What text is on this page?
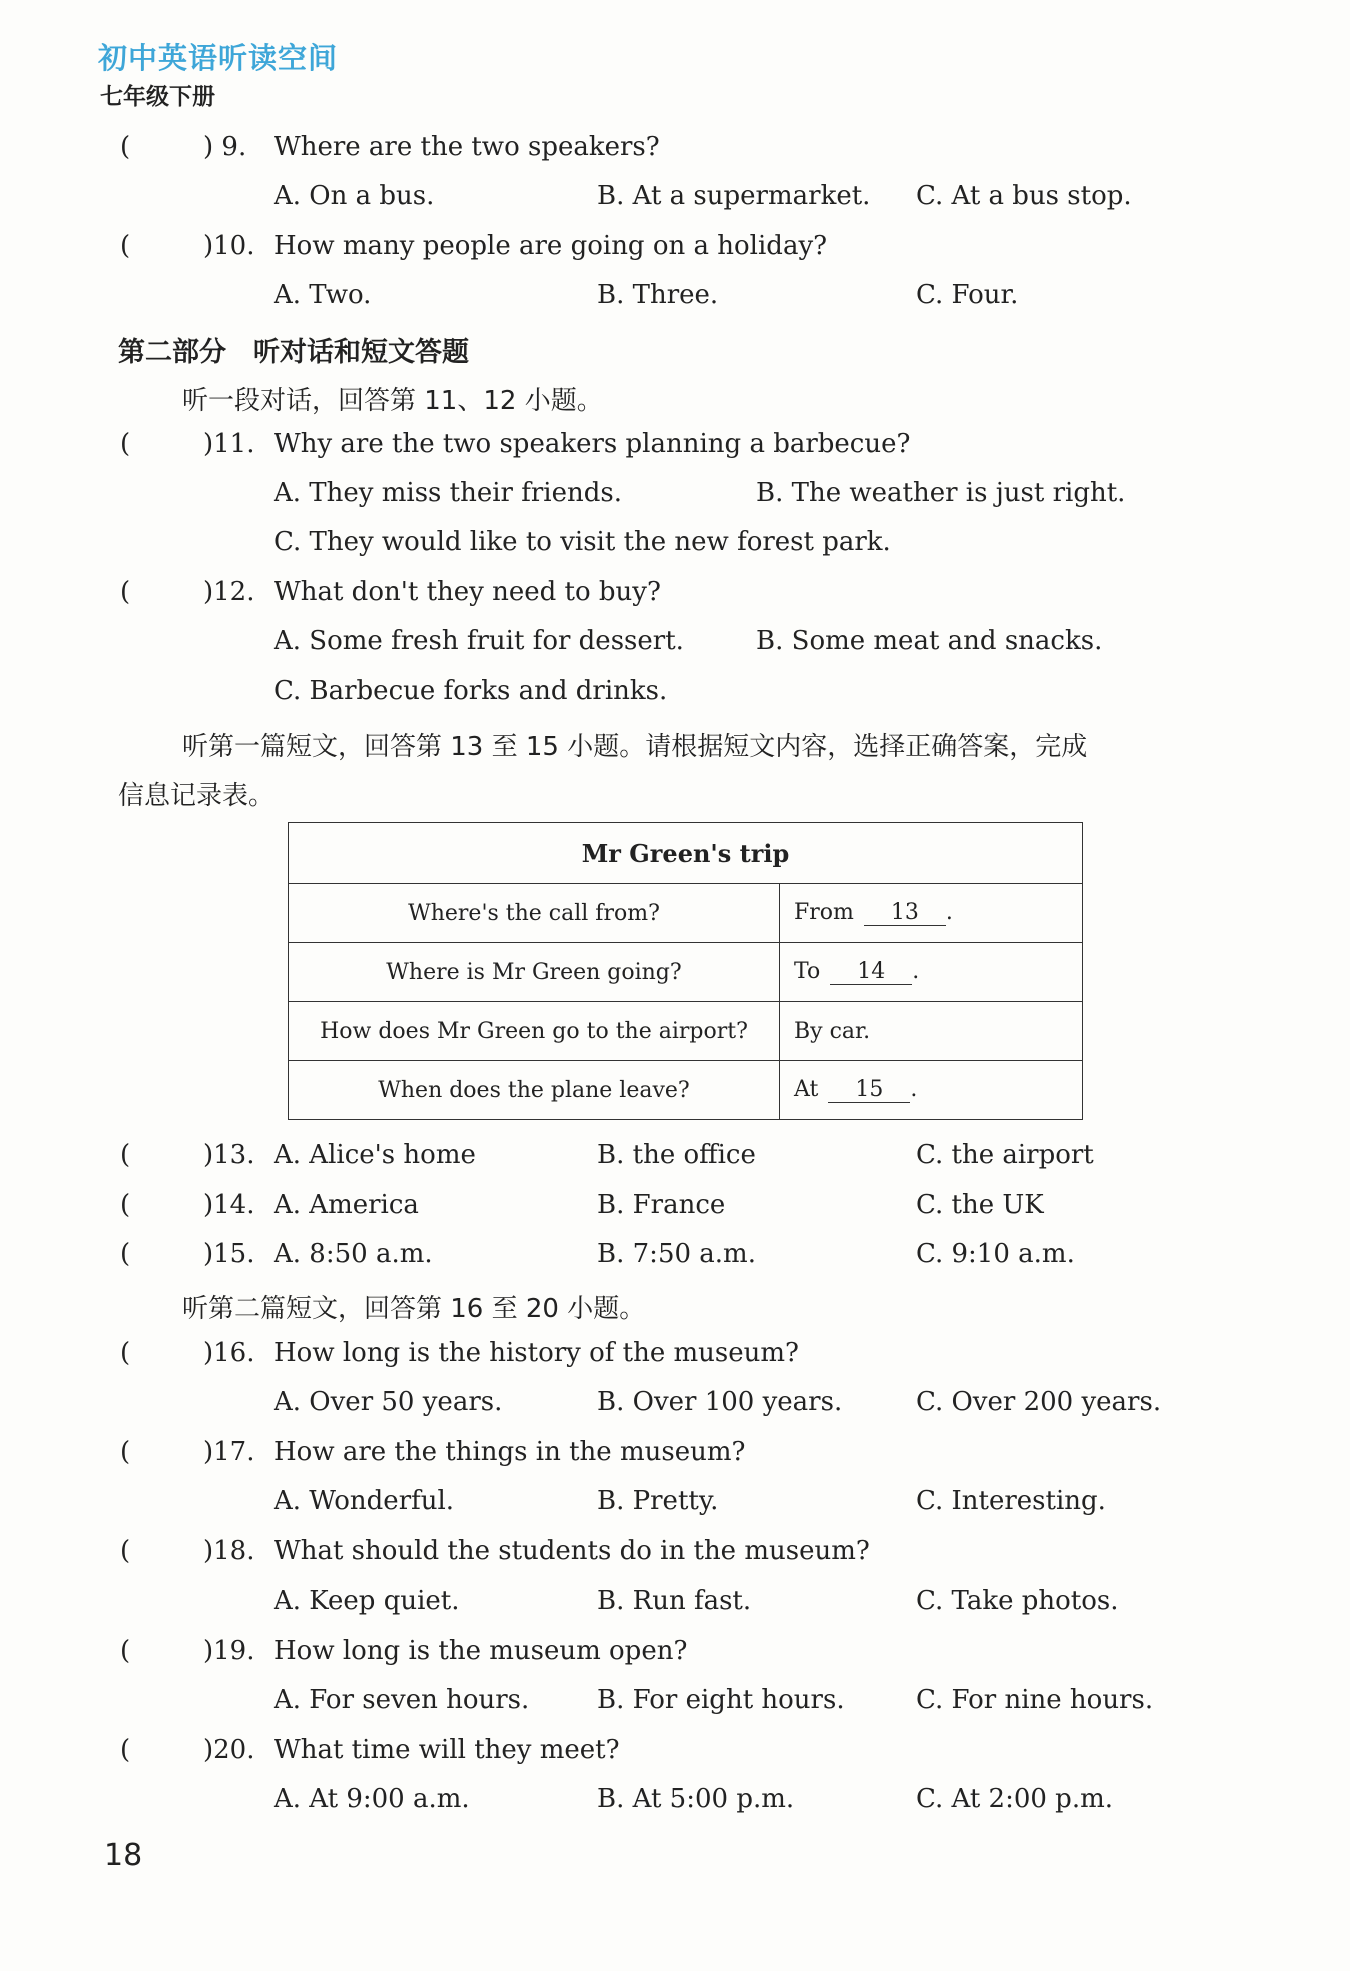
初中英语听读空间
七年级下册
(	) 9. Where are the two speakers?
A. On a bus.	B. At a supermarket. C. At a bus stop.
(	)10. How many people are going on a holiday?
A. Two.	B. Three.	C. Four.
第二部分　听对话和短文答题
听一段对话，回答第 11、12 小题。
(	)11. Why are the two speakers planning a barbecue?
A. They miss their friends.	B. The weather is just right.
C. They would like to visit the new forest park.
(	)12. What don't they need to buy?
A. Some fresh fruit for dessert.	B. Some meat and snacks.
C. Barbecue forks and drinks.
听第一篇短文，回答第 13 至 15 小题。请根据短文内容，选择正确答案，完成
信息记录表。
Mr Green's trip	
Where's the call from?	From 13 .
Where is Mr Green going?	To 14 .
How does Mr Green go to the airport?	By car.
When does the plane leave?	At 15 .
(	)13. A. Alice's home	B. the office	C. the airport
(	)14. A. America	B. France	C. the UK
(	)15. A. 8:50 a.m.	B. 7:50 a.m.	C. 9:10 a.m.
听第二篇短文，回答第 16 至 20 小题。
(	)16. How long is the history of the museum?
A. Over 50 years.	B. Over 100 years.	C. Over 200 years.
(	)17. How are the things in the museum?
A. Wonderful.	B. Pretty.	C. Interesting.
(	)18. What should the students do in the museum?
A. Keep quiet.	B. Run fast.	C. Take photos.
(	)19. How long is the museum open?
A. For seven hours.	B. For eight hours.	C. For nine hours.
(	)20. What time will they meet?
A. At 9:00 a.m.	B. At 5:00 p.m.	C. At 2:00 p.m.
18
